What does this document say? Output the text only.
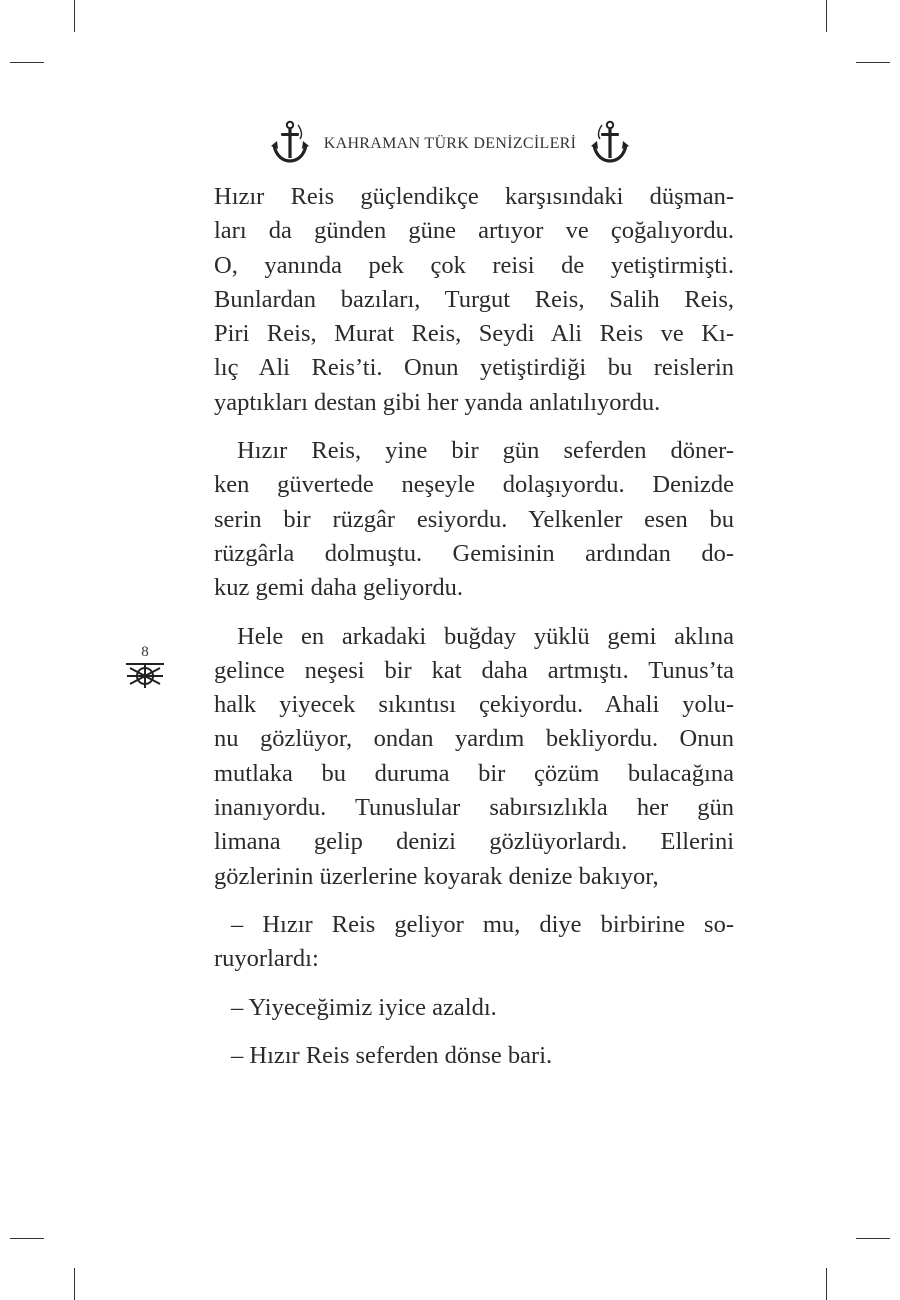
KAHRAMAN TÜRK DENİZCİLERİ
8
Hızır Reis güçlendikçe karşısındaki düşman-
ları da günden güne artıyor ve çoğalıyordu.
O, yanında pek çok reisi de yetiştirmişti.
Bunlardan bazıları, Turgut Reis, Salih Reis,
Piri Reis, Murat Reis, Seydi Ali Reis ve Kı-
lıç Ali Reis’ti. Onun yetiştirdiği bu reislerin
yaptıkları destan gibi her yanda anlatılıyordu.
Hızır Reis, yine bir gün seferden döner-
ken güvertede neşeyle dolaşıyordu. Denizde
serin bir rüzgâr esiyordu. Yelkenler esen bu
rüzgârla dolmuştu. Gemisinin ardından do-
kuz gemi daha geliyordu.
Hele en arkadaki buğday yüklü gemi aklına
gelince neşesi bir kat daha artmıştı. Tunus’ta
halk yiyecek sıkıntısı çekiyordu. Ahali yolu-
nu gözlüyor, ondan yardım bekliyordu. Onun
mutlaka bu duruma bir çözüm bulacağına
inanıyordu. Tunuslular sabırsızlıkla her gün
limana gelip denizi gözlüyorlardı. Ellerini
gözlerinin üzerlerine koyarak denize bakıyor,
– Hızır Reis geliyor mu, diye birbirine so-
ruyorlardı:
– Yiyeceğimiz iyice azaldı.
– Hızır Reis seferden dönse bari.
